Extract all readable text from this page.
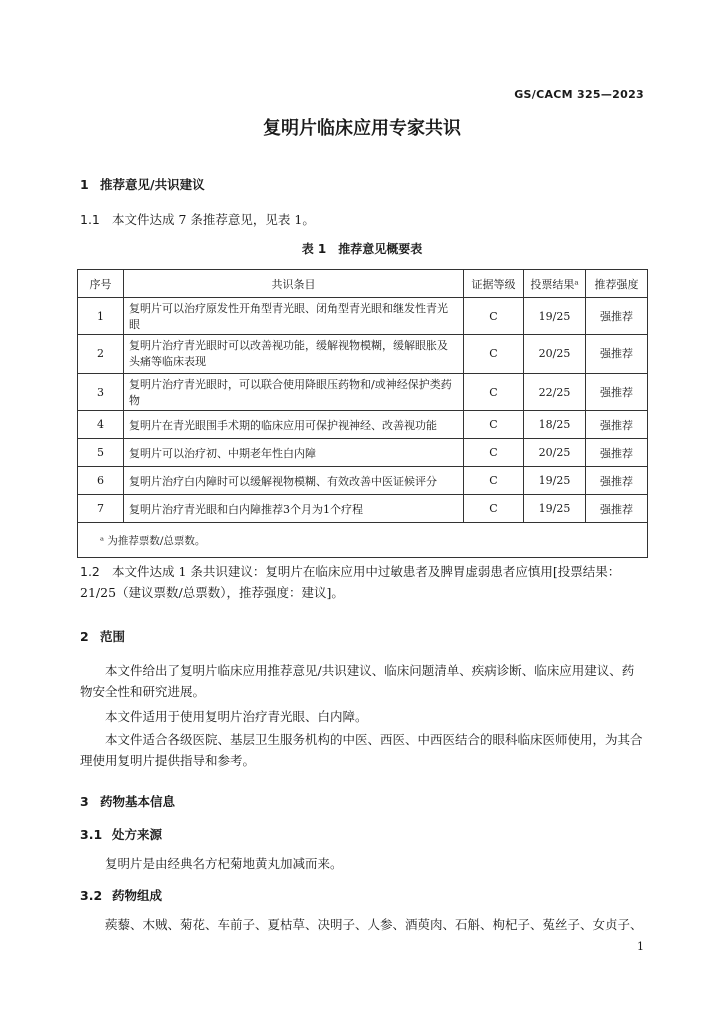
GS/CACM 325—2023
复明片临床应用专家共识
1 推荐意见/共识建议
1.1 本文件达成 7 条推荐意见，见表 1。
表 1　推荐意见概要表
序号	共识条目	证据等级	投票结果ᵃ	推荐强度
1	复明片可以治疗原发性开角型青光眼、闭角型青光眼和继发性青光眼	C	19/25	强推荐
2	复明片治疗青光眼时可以改善视功能，缓解视物模糊，缓解眼胀及头痛等临床表现	C	20/25	强推荐
3	复明片治疗青光眼时，可以联合使用降眼压药物和/或神经保护类药物	C	22/25	强推荐
4	复明片在青光眼围手术期的临床应用可保护视神经、改善视功能	C	18/25	强推荐
5	复明片可以治疗初、中期老年性白内障	C	20/25	强推荐
6	复明片治疗白内障时可以缓解视物模糊、有效改善中医证候评分	C	19/25	强推荐
7	复明片治疗青光眼和白内障推荐3个月为1个疗程	C	19/25	强推荐
ᵃ 为推荐票数/总票数。				
1.2 本文件达成 1 条共识建议：复明片在临床应用中过敏患者及脾胃虚弱患者应慎用[投票结果：21/25（建议票数/总票数），推荐强度：建议]。
2 范围
本文件给出了复明片临床应用推荐意见/共识建议、临床问题清单、疾病诊断、临床应用建议、药物安全性和研究进展。
本文件适用于使用复明片治疗青光眼、白内障。
本文件适合各级医院、基层卫生服务机构的中医、西医、中西医结合的眼科临床医师使用，为其合理使用复明片提供指导和参考。
3 药物基本信息
3.1 处方来源
复明片是由经典名方杞菊地黄丸加减而来。
3.2 药物组成
蒺藜、木贼、菊花、车前子、夏枯草、决明子、人参、酒萸肉、石斛、枸杞子、菟丝子、女贞子、
1
